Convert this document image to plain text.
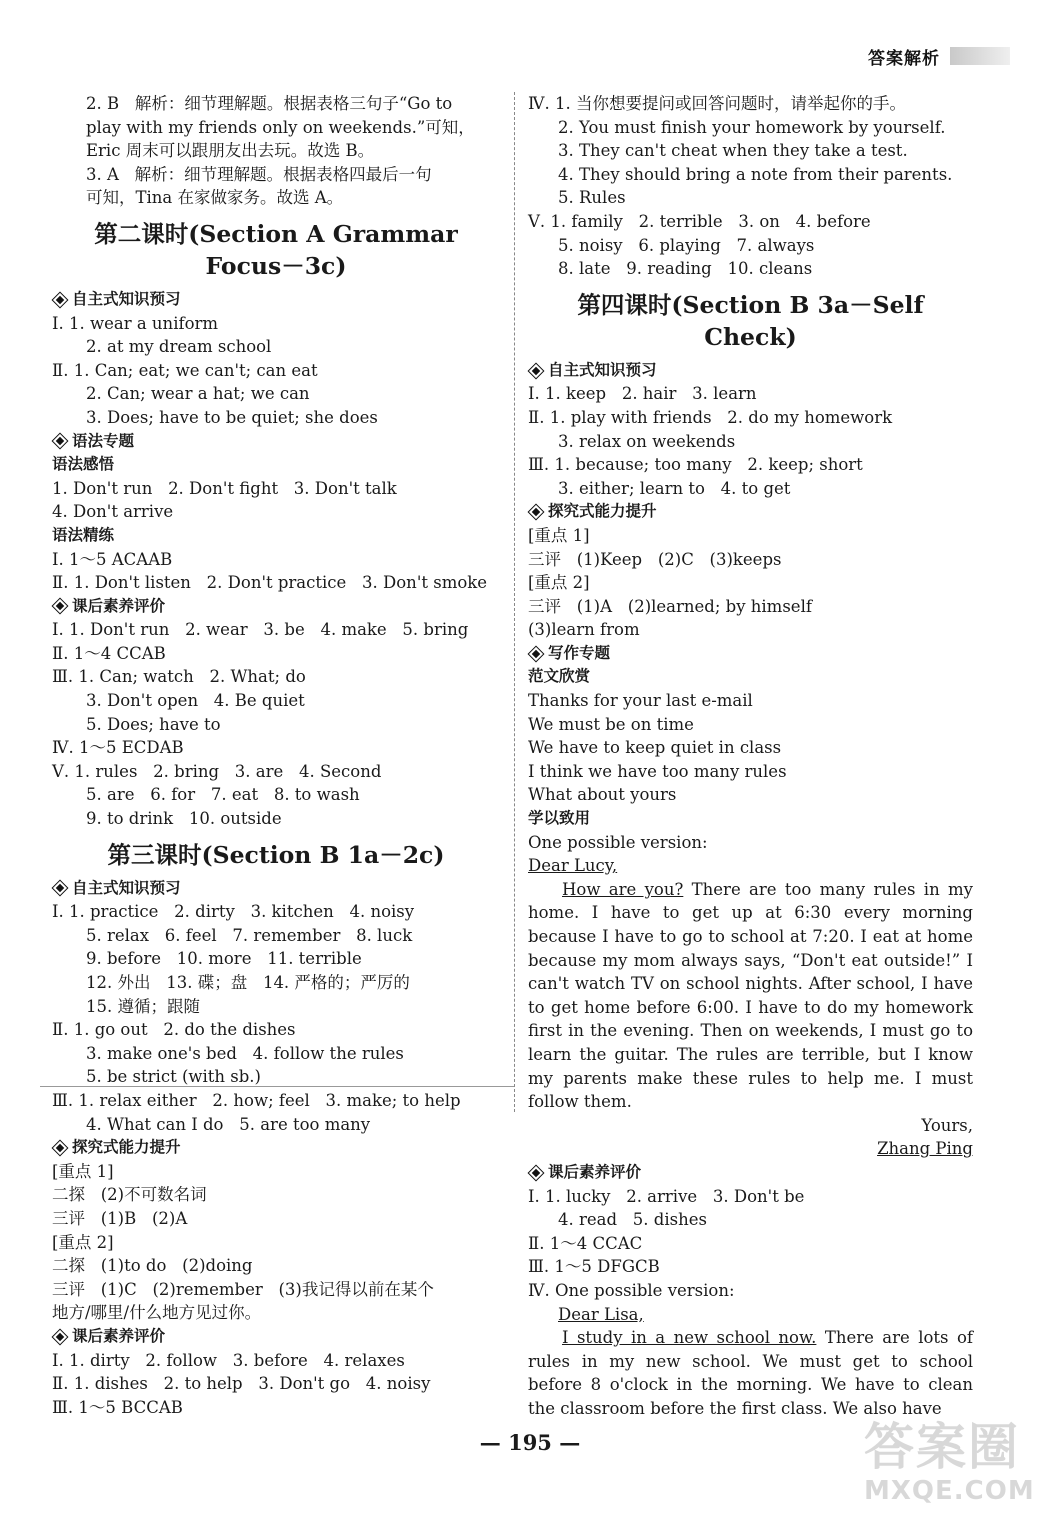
答案解析
2. B   解析：细节理解题。根据表格三句子“Go to
play with my friends only on weekends.”可知，
Eric 周末可以跟朋友出去玩。故选 B。
3. A   解析：细节理解题。根据表格四最后一句
可知，Tina 在家做家务。故选 A。
第二课时(Section A Grammar
Focus－3c)
自主式知识预习
Ⅰ. 1. wear a uniform
2. at my dream school
Ⅱ. 1. Can; eat; we can't; can eat
2. Can; wear a hat; we can
3. Does; have to be quiet; she does
语法专题
语法感悟
1. Don't run   2. Don't fight   3. Don't talk
4. Don't arrive
语法精练
Ⅰ. 1～5 ACAAB
Ⅱ. 1. Don't listen   2. Don't practice   3. Don't smoke
课后素养评价
Ⅰ. 1. Don't run   2. wear   3. be   4. make   5. bring
Ⅱ. 1～4 CCAB
Ⅲ. 1. Can; watch   2. What; do
3. Don't open   4. Be quiet
5. Does; have to
Ⅳ. 1～5 ECDAB
Ⅴ. 1. rules   2. bring   3. are   4. Second
5. are   6. for   7. eat   8. to wash
9. to drink   10. outside
第三课时(Section B 1a－2c)
自主式知识预习
Ⅰ. 1. practice   2. dirty   3. kitchen   4. noisy
5. relax   6. feel   7. remember   8. luck
9. before   10. more   11. terrible
12. 外出   13. 碟；盘   14. 严格的；严厉的
15. 遵循；跟随
Ⅱ. 1. go out   2. do the dishes
3. make one's bed   4. follow the rules
5. be strict (with sb.)
Ⅲ. 1. relax either   2. how; feel   3. make; to help
4. What can I do   5. are too many
探究式能力提升
[重点 1]
二探   (2)不可数名词
三评   (1)B   (2)A
[重点 2]
二探   (1)to do   (2)doing
三评   (1)C   (2)remember   (3)我记得以前在某个
地方/哪里/什么地方见过你。
课后素养评价
Ⅰ. 1. dirty   2. follow   3. before   4. relaxes
Ⅱ. 1. dishes   2. to help   3. Don't go   4. noisy
Ⅲ. 1～5 BCCAB
Ⅳ. 1. 当你想要提问或回答问题时，请举起你的手。
2. You must finish your homework by yourself.
3. They can't cheat when they take a test.
4. They should bring a note from their parents.
5. Rules
Ⅴ. 1. family   2. terrible   3. on   4. before
5. noisy   6. playing   7. always
8. late   9. reading   10. cleans
第四课时(Section B 3a－Self
Check)
自主式知识预习
Ⅰ. 1. keep   2. hair   3. learn
Ⅱ. 1. play with friends   2. do my homework
3. relax on weekends
Ⅲ. 1. because; too many   2. keep; short
3. either; learn to   4. to get
探究式能力提升
[重点 1]
三评   (1)Keep   (2)C   (3)keeps
[重点 2]
三评   (1)A   (2)learned; by himself
(3)learn from
写作专题
范文欣赏
Thanks for your last e-mail
We must be on time
We have to keep quiet in class
I think we have too many rules
What about yours
学以致用
One possible version:
Dear Lucy,
How are you? There are too many rules in my home. I have to get up at 6:30 every morning because I have to go to school at 7:20. I eat at home because my mom always says, “Don't eat outside!” I can't watch TV on school nights. After school, I have to get home before 6:00. I have to do my homework first in the evening. Then on weekends, I must go to learn the guitar. The rules are terrible, but I know my parents make these rules to help me. I must follow them.
Yours,
Zhang Ping
课后素养评价
Ⅰ. 1. lucky   2. arrive   3. Don't be
4. read   5. dishes
Ⅱ. 1～4 CCAC
Ⅲ. 1～5 DFGCB
Ⅳ. One possible version:
Dear Lisa,
I study in a new school now. There are lots of rules in my new school. We must get to school before 8 o'clock in the morning. We have to clean the classroom before the first class. We also have
— 195 —	答案圈
MXQE.COM
